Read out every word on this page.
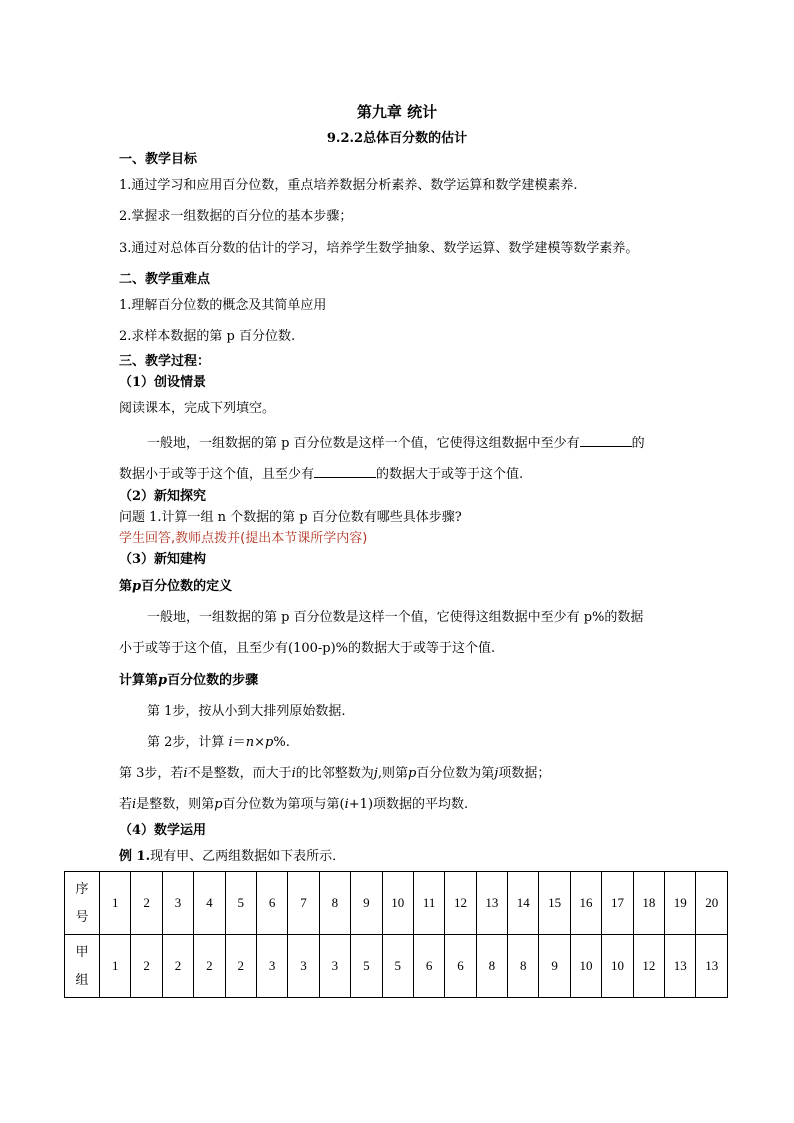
第九章 统计
9.2.2总体百分数的估计
一、教学目标
1.通过学习和应用百分位数，重点培养数据分析素养、数学运算和数学建模素养.
2.掌握求一组数据的百分位的基本步骤；
3.通过对总体百分数的估计的学习，培养学生数学抽象、数学运算、数学建模等数学素养。
二、教学重难点
1.理解百分位数的概念及其简单应用
2.求样本数据的第 p 百分位数.
三、教学过程：
（1）创设情景
阅读课本，完成下列填空。
一般地，一组数据的第 p 百分位数是这样一个值，它使得这组数据中至少有	的
数据小于或等于这个值，且至少有	的数据大于或等于这个值.
（2）新知探究
问题 1.计算一组 n 个数据的第 p 百分位数有哪些具体步骤?
学生回答,教师点拨并(提出本节课所学内容)
（3）新知建构
第p百分位数的定义
一般地，一组数据的第 p 百分位数是这样一个值，它使得这组数据中至少有 p%的数据
小于或等于这个值，且至少有(100-p)%的数据大于或等于这个值.
计算第p百分位数的步骤
第 1步，按从小到大排列原始数据.
第 2步，计算 i＝n×p%.
第 3步，若i不是整数，而大于i的比邻整数为j,则第p百分位数为第j项数据；
若i是整数，则第p百分位数为第项与第(i+1)项数据的平均数.
（4）数学运用
例 1.现有甲、乙两组数据如下表所示．
序
号	1	2	3	4	5	6	7	8	9	10	11	12	13	14	15	16	17	18	19	20
甲
组	1	2	2	2	2	3	3	3	5	5	6	6	8	8	9	10	10	12	13	13
